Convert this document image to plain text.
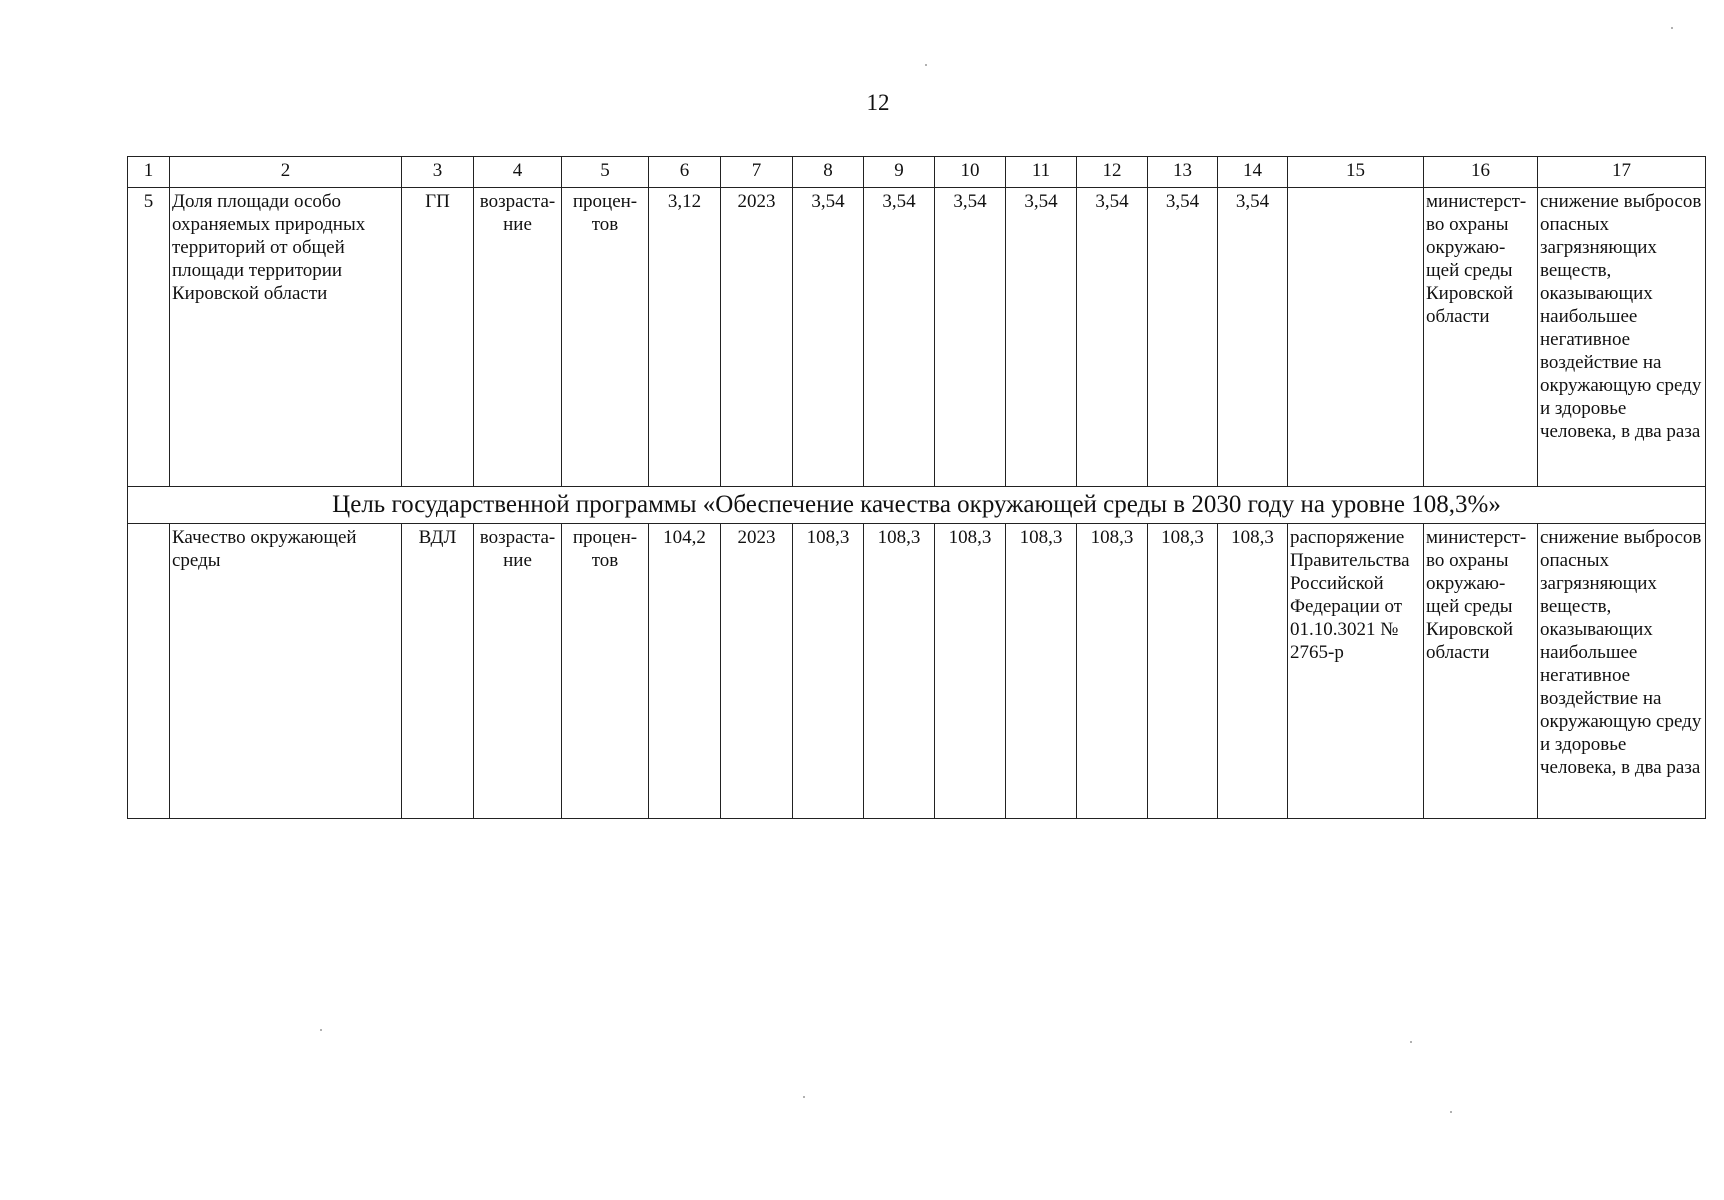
12
1	2	3	4	5	6	7	8	9	10	11	12	13	14	15	16	17
5	Доля площади особо охраняемых природных территорий от общей площади территории Кировской области	ГП	возраста-ние	процен-тов	3,12	2023	3,54	3,54	3,54	3,54	3,54	3,54	3,54		министерст-во охраны окружаю-щей среды Кировской области	снижение выбросов опасных загрязняющих веществ, оказывающих наибольшее негативное воздействие на окружающую среду и здоровье человека, в два раза
Цель государственной программы «Обеспечение качества окружающей среды в 2030 году на уровне 108,3%»																
	Качество окружающей среды	ВДЛ	возраста-ние	процен-тов	104,2	2023	108,3	108,3	108,3	108,3	108,3	108,3	108,3	распоряжение Правительства Российской Федерации от 01.10.3021 № 2765-р	министерст-во охраны окружаю-щей среды Кировской области	снижение выбросов опасных загрязняющих веществ, оказывающих наибольшее негативное воздействие на окружающую среду и здоровье человека, в два раза
